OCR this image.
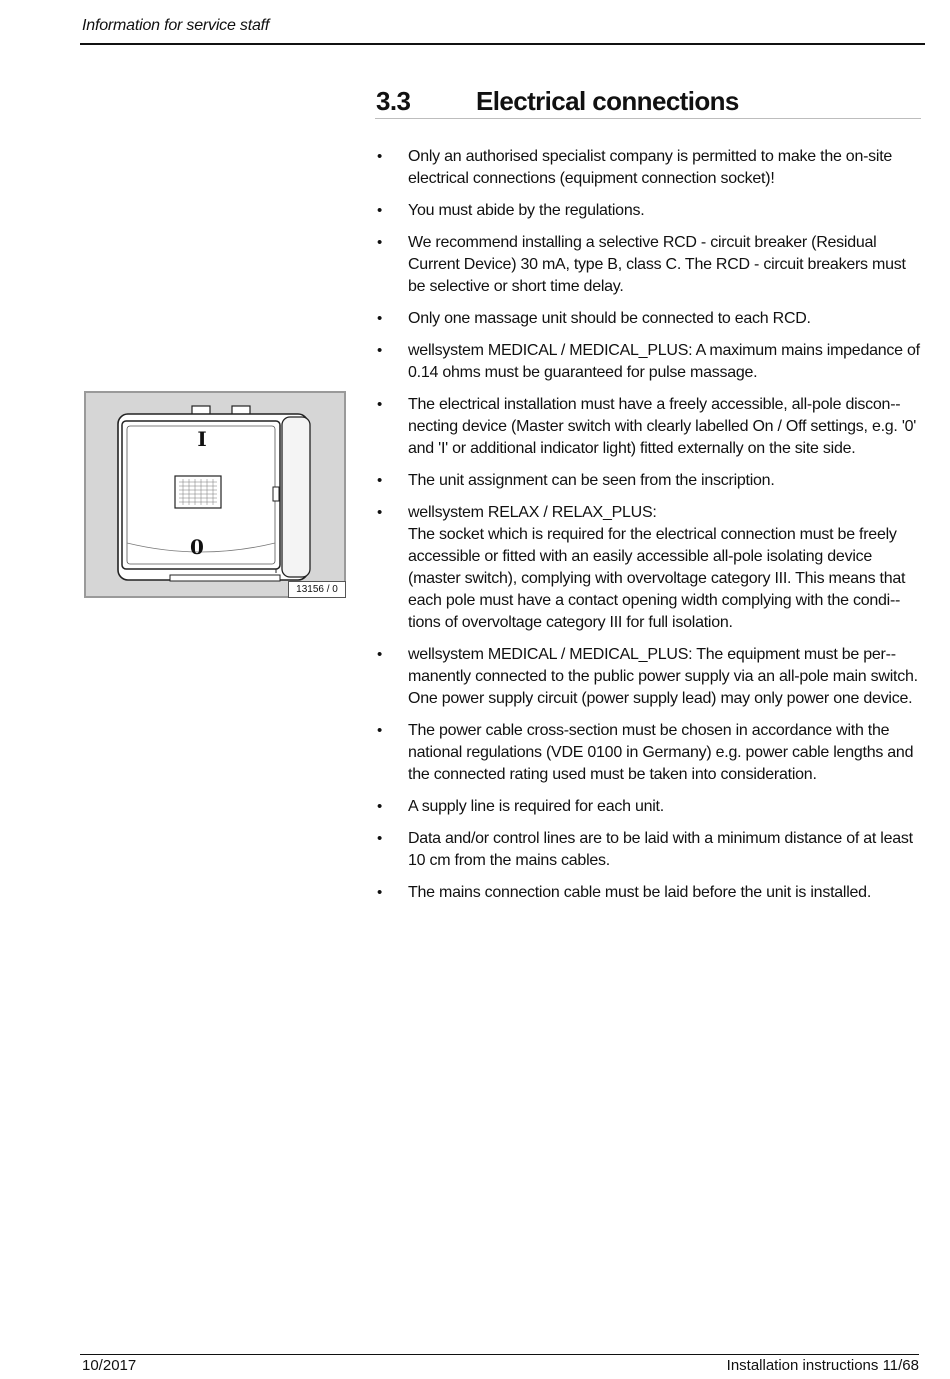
Information for service staff
3.3	Electrical connections
• Only an authorised specialist company is permitted to make the on-site electrical connections (equipment connection socket)!
• You must abide by the regulations.
• We recommend installing a selective RCD - circuit breaker (Residual Current Device) 30 mA, type B, class C. The RCD - circuit breakers must be selective or short time delay.
• Only one massage unit should be connected to each RCD.
• wellsystem MEDICAL / MEDICAL_PLUS: A maximum mains impedance of 0.14 ohms must be guaranteed for pulse massage.
• The electrical installation must have a freely accessible, all-pole discon-necting device (Master switch with clearly labelled On / Off settings, e.g. '0' and 'I' or additional indicator light) fitted externally on the site side.
• The unit assignment can be seen from the inscription.
• wellsystem RELAX / RELAX_PLUS:
The socket which is required for the electrical connection must be freely accessible or fitted with an easily accessible all-pole isolating device (master switch), complying with overvoltage category III. This means that each pole must have a contact opening width complying with the condi-tions of overvoltage category III for full isolation.
• wellsystem MEDICAL / MEDICAL_PLUS: The equipment must be per-manently connected to the public power supply via an all-pole main switch. One power supply circuit (power supply lead) may only power one device.
• The power cable cross-section must be chosen in accordance with the national regulations (VDE 0100 in Germany) e.g. power cable lengths and the connected rating used must be taken into consideration.
• A supply line is required for each unit.
• Data and/or control lines are to be laid with a minimum distance of at least 10 cm from the mains cables.
• The mains connection cable must be laid before the unit is installed.
I
0
13156 / 0
10/2017	Installation instructions 11/68
